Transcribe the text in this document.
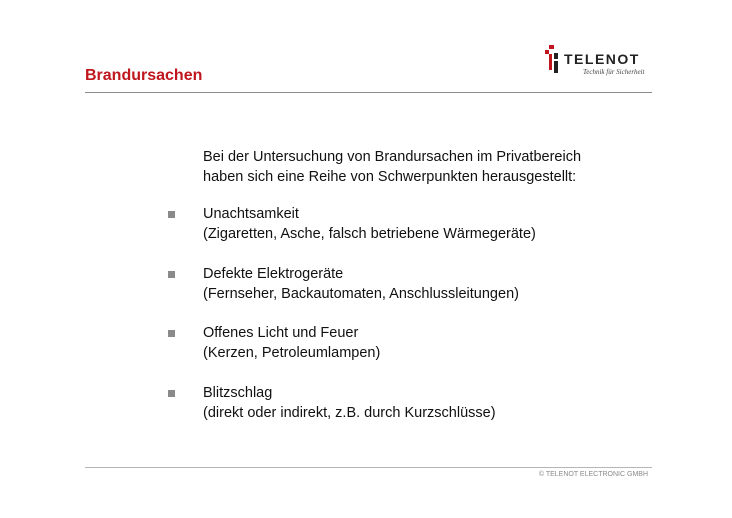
Brandursachen
TELENOT
Technik für Sicherheit
Bei der Untersuchung von Brandursachen im Privatbereich
haben sich eine Reihe von Schwerpunkten herausgestellt:
Unachtsamkeit
(Zigaretten, Asche, falsch betriebene Wärmegeräte)
Defekte Elektrogeräte
(Fernseher, Backautomaten, Anschlussleitungen)
Offenes Licht und Feuer
(Kerzen, Petroleumlampen)
Blitzschlag
(direkt oder indirekt, z.B. durch Kurzschlüsse)
© TELENOT ELECTRONIC GMBH
